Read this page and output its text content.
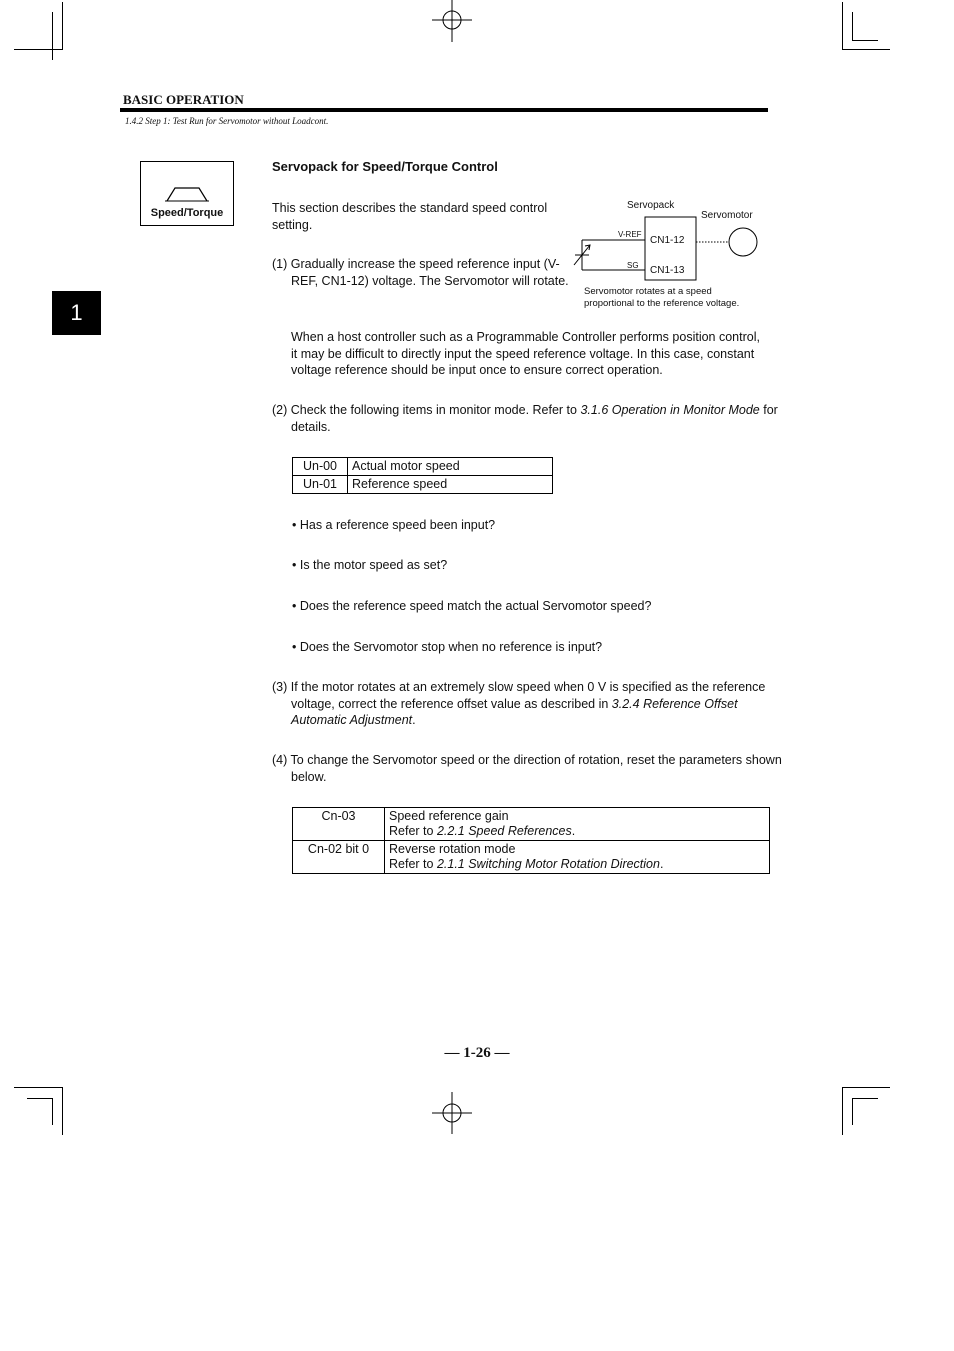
BASIC OPERATION
1.4.2 Step 1: Test Run for Servomotor without Loadcont.
1
Speed/Torque
Servopack for Speed/Torque Control
This section describes the standard speed control setting.
(1) Gradually increase the speed reference input (V-REF, CN1-12) voltage. The Servomotor will rotate.
Servopack
Servomotor
V-REF
SG
CN1-12
CN1-13
Servomotor rotates at a speed
proportional to the reference voltage.
When a host controller such as a Programmable Controller performs position control, it may be difficult to directly input the speed reference voltage. In this case, constant voltage reference should be input once to ensure correct operation.
(2) Check the following items in monitor mode. Refer to 3.1.6 Operation in Monitor Mode for details.
Un-00	Actual motor speed
Un-01	Reference speed
• Has a reference speed been input?
• Is the motor speed as set?
• Does the reference speed match the actual Servomotor speed?
• Does the Servomotor stop when no reference is input?
(3) If the motor rotates at an extremely slow speed when 0 V is specified as the reference voltage, correct the reference offset value as described in 3.2.4 Reference Offset Automatic Adjustment.
(4) To change the Servomotor speed or the direction of rotation, reset the parameters shown below.
Cn-03	Speed reference gain
Refer to 2.2.1 Speed References.

Cn-02 bit 0	Reverse rotation mode
Refer to 2.1.1 Switching Motor Rotation Direction.
— 1-26 —
